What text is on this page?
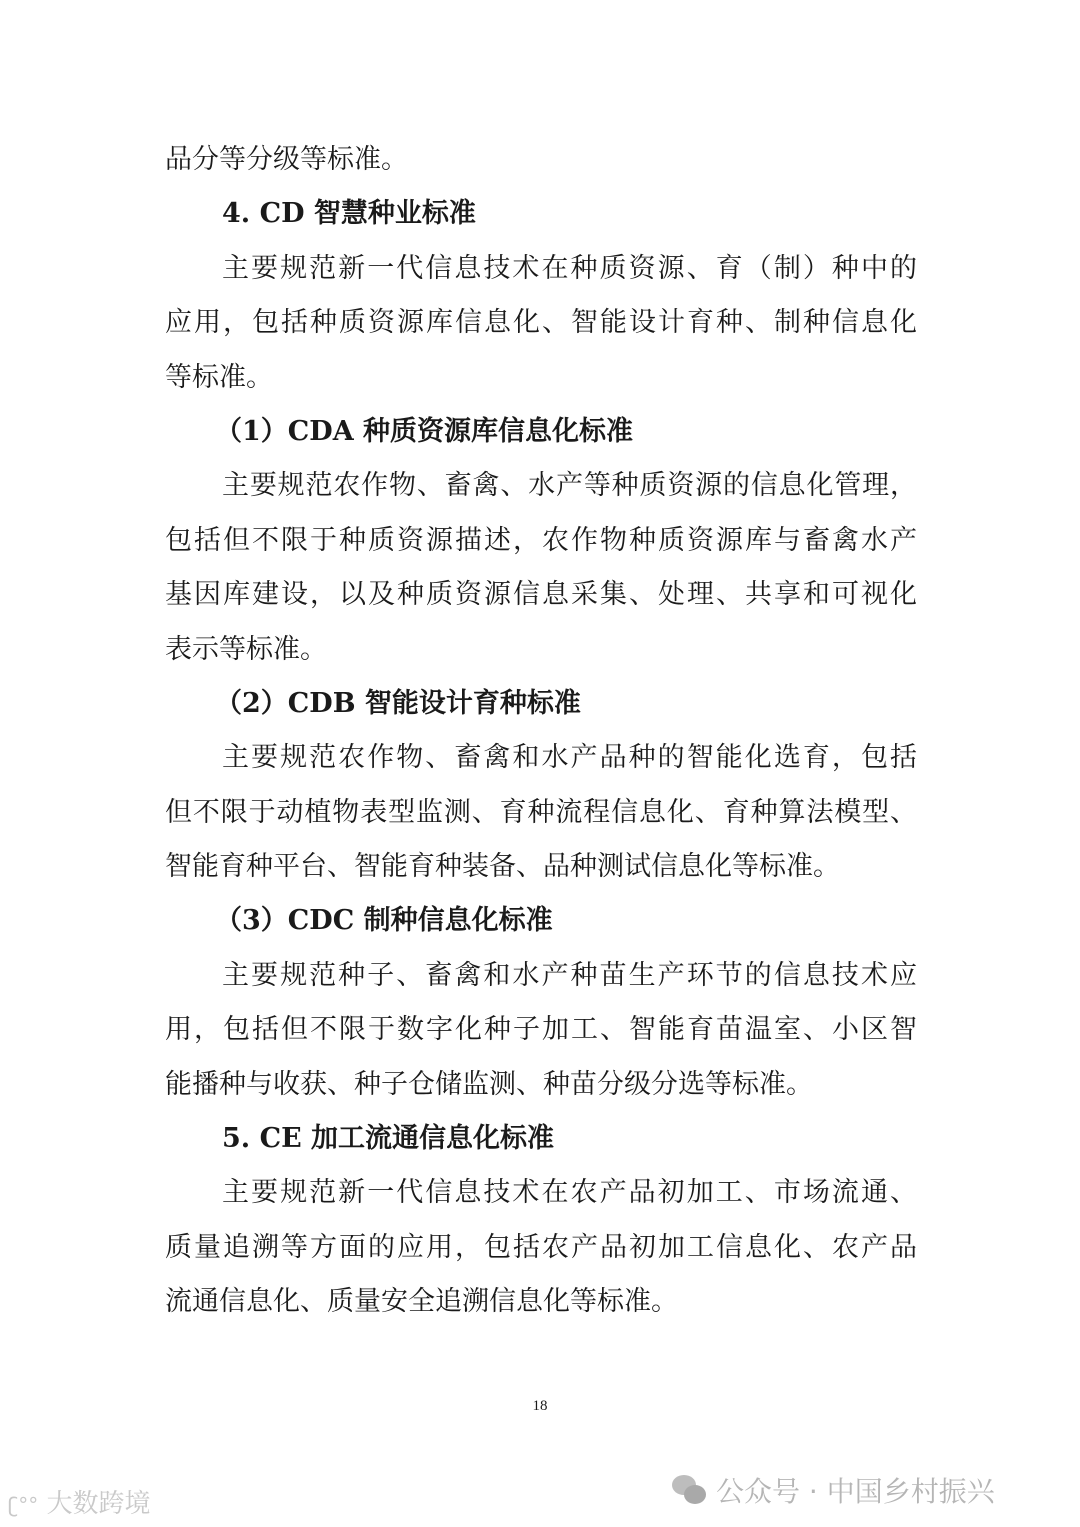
品分等分级等标准。
4. CD 智慧种业标准
主要规范新一代信息技术在种质资源、育（制）种中的
应用，包括种质资源库信息化、智能设计育种、制种信息化
等标准。
（1）CDA 种质资源库信息化标准
主要规范农作物、畜禽、水产等种质资源的信息化管理，
包括但不限于种质资源描述，农作物种质资源库与畜禽水产
基因库建设，以及种质资源信息采集、处理、共享和可视化
表示等标准。
（2）CDB 智能设计育种标准
主要规范农作物、畜禽和水产品种的智能化选育，包括
但不限于动植物表型监测、育种流程信息化、育种算法模型、
智能育种平台、智能育种装备、品种测试信息化等标准。
（3）CDC 制种信息化标准
主要规范种子、畜禽和水产种苗生产环节的信息技术应
用，包括但不限于数字化种子加工、智能育苗温室、小区智
能播种与收获、种子仓储监测、种苗分级分选等标准。
5. CE 加工流通信息化标准
主要规范新一代信息技术在农产品初加工、市场流通、
质量追溯等方面的应用，包括农产品初加工信息化、农产品
流通信息化、质量安全追溯信息化等标准。
18
ʗ°° 大数跨境	公众号 · 中国乡村振兴
